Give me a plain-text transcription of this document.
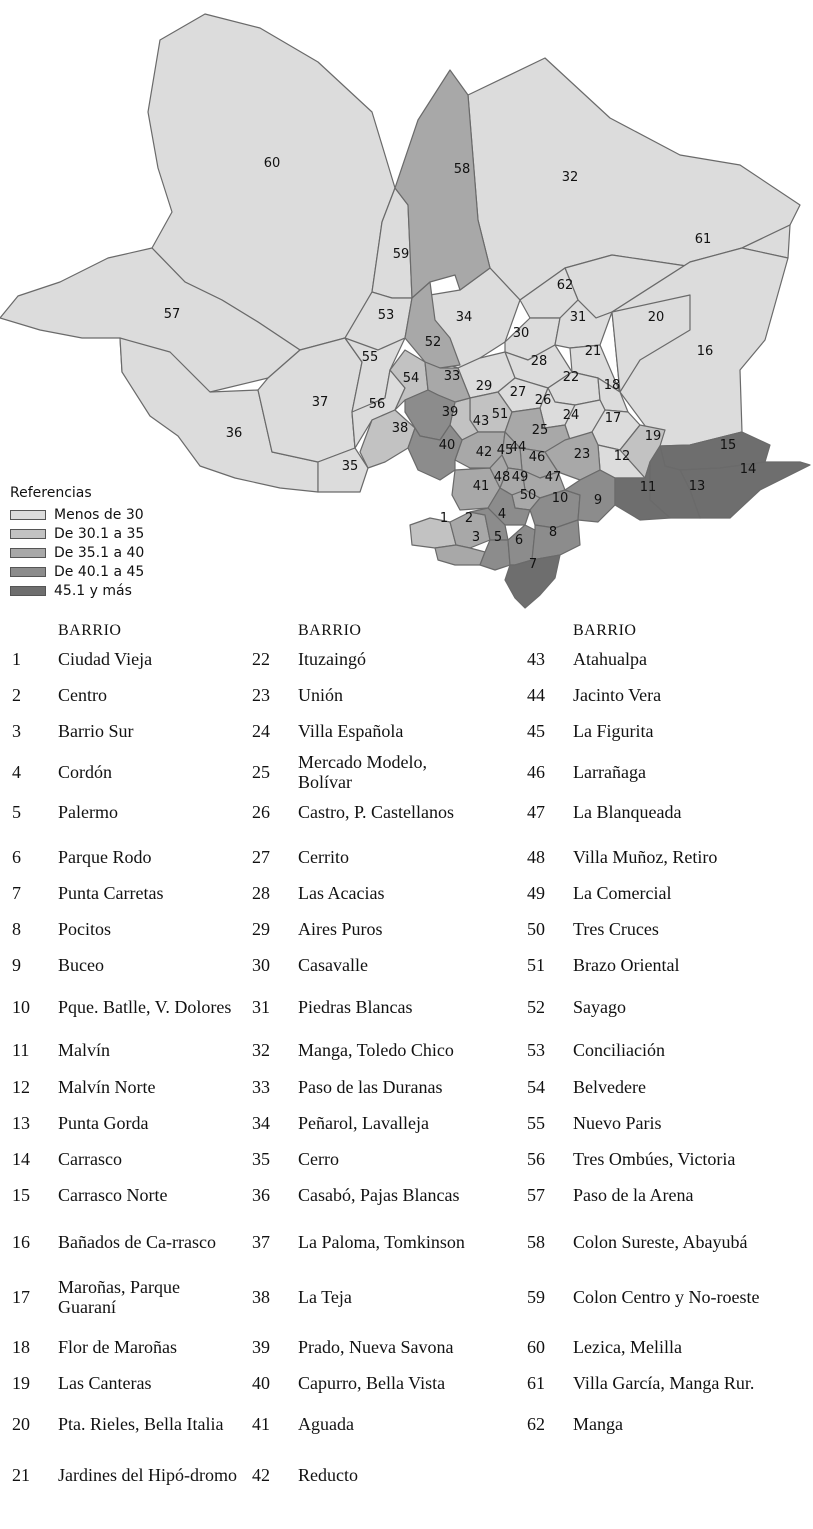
60
57
58
32
59
61
62
53	34	31	20
52
30
55	21	16
54 33
28
22
29	18
37	56
27
26
39	51
43	24 17
38	25
36
40	44
45
42	46
19
15
23 12
14
35
41
48 49 47
50 10
11 13
9
1 2 4
3 5 6
8
7
Referencias
Menos de 30
De 30.1 a 35
De 35.1 a 40
De 40.1 a 45
45.1 y más
BARRIO
1	Ciudad Vieja
2	Centro
3	Barrio Sur
4	Cordón
5	Palermo
6	Parque Rodo
7	Punta Carretas
8	Pocitos
9	Buceo
10	Pque. Batlle, V. Dolores
11	Malvín
12	Malvín Norte
13	Punta Gorda
14	Carrasco
15	Carrasco Norte
16	Bañados de Ca-rrasco
17	Maroñas, Parque Guaraní
18	Flor de Maroñas
19	Las Canteras
20	Pta. Rieles, Bella Italia
21	Jardines del Hipó-dromo
BARRIO
22	Ituzaingó
23	Unión
24	Villa Española
25	Mercado Modelo, Bolívar
26	Castro, P. Castellanos
27	Cerrito
28	Las Acacias
29	Aires Puros
30	Casavalle
31	Piedras Blancas
32	Manga, Toledo Chico
33	Paso de las Duranas
34	Peñarol, Lavalleja
35	Cerro
36	Casabó, Pajas Blancas
37	La Paloma, Tomkinson
38	La Teja
39	Prado, Nueva Savona
40	Capurro, Bella Vista
41	Aguada
42	Reducto
BARRIO
43	Atahualpa
44	Jacinto Vera
45	La Figurita
46	Larrañaga
47	La Blanqueada
48	Villa Muñoz, Retiro
49	La Comercial
50	Tres Cruces
51	Brazo Oriental
52	Sayago
53	Conciliación
54	Belvedere
55	Nuevo Paris
56	Tres Ombúes, Victoria
57	Paso de la Arena
58	Colon Sureste, Abayubá
59	Colon Centro y No-roeste
60	Lezica, Melilla
61	Villa García, Manga Rur.
62	Manga
